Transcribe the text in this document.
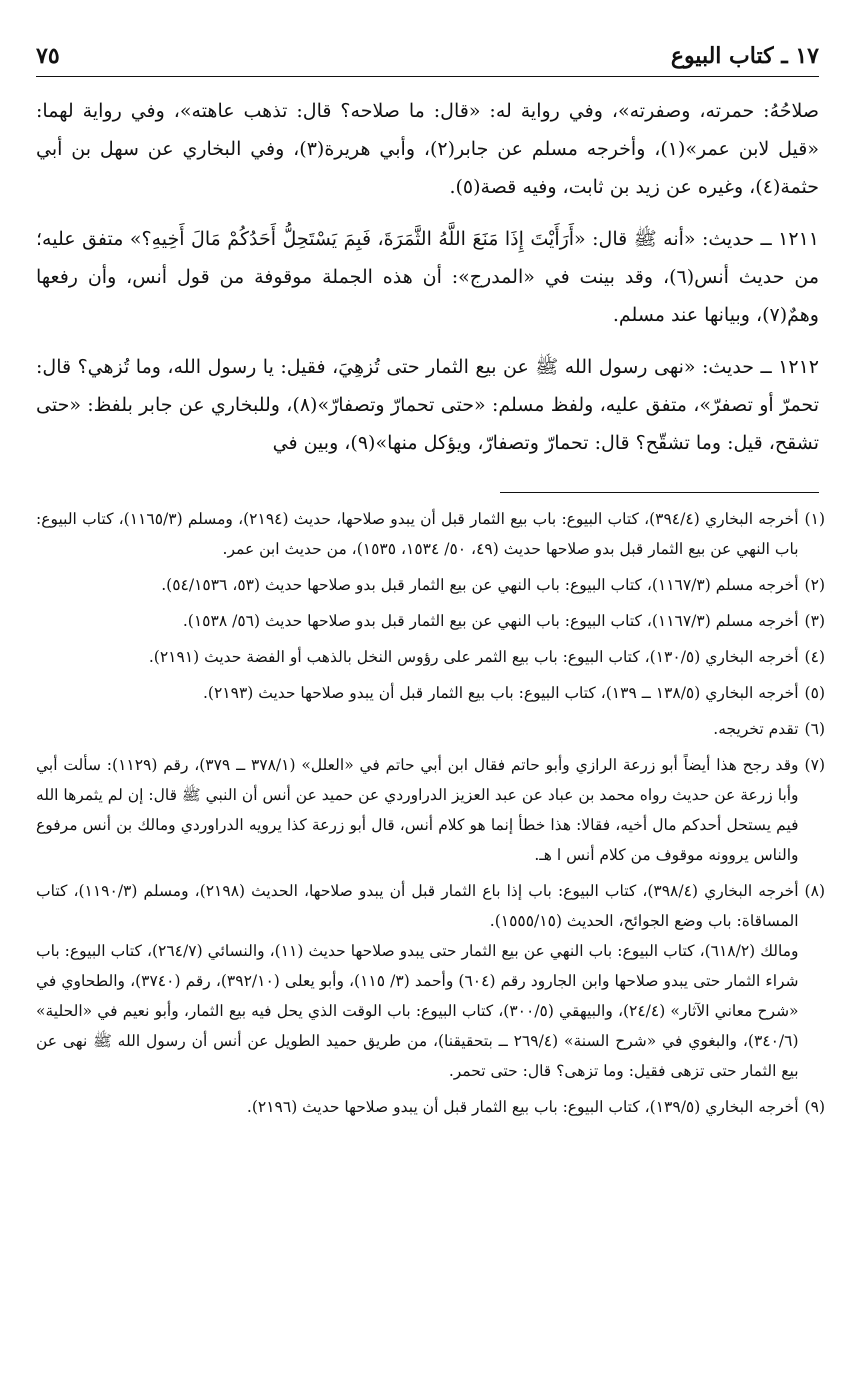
١٧ ـ كتاب البيوع
٧٥

صلاحُهُ: حمرته، وصفرته»، وفي رواية له: «قال: ما صلاحه؟ قال: تذهب عاهته»، وفي رواية لهما: «قيل لابن عمر»(١)، وأخرجه مسلم عن جابر(٢)، وأبي هريرة(٣)، وفي البخاري عن سهل بن أبي حثمة(٤)، وغيره عن زيد بن ثابت، وفيه قصة(٥).

١٢١١ ــ حديث: «أنه ﷺ قال: «أَرَأَيْتَ إِذَا مَنَعَ اللَّهُ الثَّمَرَةَ، فَبِمَ يَسْتَحِلُّ أَحَدُكُمْ مَالَ أَخِيهِ؟» متفق عليه؛ من حديث أنس(٦)، وقد بينت في «المدرج»: أن هذه الجملة موقوفة من قول أنس، وأن رفعها وهمٌ(٧)، وبيانها عند مسلم.

١٢١٢ ــ حديث: «نهى رسول الله ﷺ عن بيع الثمار حتى تُزهِيَ، فقيل: يا رسول الله، وما تُزهي؟ قال: تحمرّ أو تصفرّ»، متفق عليه، ولفظ مسلم: «حتى تحمارّ وتصفارّ»(٨)، وللبخاري عن جابر بلفظ: «حتى تشقح، قيل: وما تشقّح؟ قال: تحمارّ وتصفارّ، ويؤكل منها»(٩)، وبين في

(١)

أخرجه البخاري (٣٩٤/٤)، كتاب البيوع: باب بيع الثمار قبل أن يبدو صلاحها، حديث (٢١٩٤)، ومسلم (١١٦٥/٣)، كتاب البيوع: باب النهي عن بيع الثمار قبل بدو صلاحها حديث (٤٩، ٥٠/ ١٥٣٤، ١٥٣٥)، من حديث ابن عمر.

(٢)

أخرجه مسلم (١١٦٧/٣)، كتاب البيوع: باب النهي عن بيع الثمار قبل بدو صلاحها حديث (٥٣، ٥٤/١٥٣٦).

(٣)

أخرجه مسلم (١١٦٧/٣)، كتاب البيوع: باب النهي عن بيع الثمار قبل بدو صلاحها حديث (٥٦/ ١٥٣٨).

(٤)

أخرجه البخاري (١٣٠/٥)، كتاب البيوع: باب بيع الثمر على رؤوس النخل بالذهب أو الفضة حديث (٢١٩١).

(٥)

أخرجه البخاري (١٣٨/٥ ــ ١٣٩)، كتاب البيوع: باب بيع الثمار قبل أن يبدو صلاحها حديث (٢١٩٣).

(٦)

تقدم تخريجه.

(٧)

وقد رجح هذا أيضاً أبو زرعة الرازي وأبو حاتم فقال ابن أبي حاتم في «العلل» (٣٧٨/١ ــ ٣٧٩)، رقم (١١٢٩): سألت أبي وأبا زرعة عن حديث رواه محمد بن عباد عن عبد العزيز الدراوردي عن حميد عن أنس أن النبي ﷺ قال: إن لم يثمرها الله فيم يستحل أحدكم مال أخيه، فقالا: هذا خطأ إنما هو كلام أنس، قال أبو زرعة كذا يرويه الدراوردي ومالك بن أنس مرفوع والناس يروونه موقوف من كلام أنس ا هـ.

(٨)

أخرجه البخاري (٣٩٨/٤)، كتاب البيوع: باب إذا باع الثمار قبل أن يبدو صلاحها، الحديث (٢١٩٨)، ومسلم (١١٩٠/٣)، كتاب المساقاة: باب وضع الجوائح، الحديث (١٥٥٥/١٥).

ومالك (٦١٨/٢)، كتاب البيوع: باب النهي عن بيع الثمار حتى يبدو صلاحها حديث (١١)، والنسائي (٢٦٤/٧)، كتاب البيوع: باب شراء الثمار حتى يبدو صلاحها وابن الجارود رقم (٦٠٤) وأحمد (٣/ ١١٥)، وأبو يعلى (٣٩٢/١٠)، رقم (٣٧٤٠)، والطحاوي في «شرح معاني الآثار» (٢٤/٤)، والبيهقي (٣٠٠/٥)، كتاب البيوع: باب الوقت الذي يحل فيه بيع الثمار، وأبو نعيم في «الحلية» (٣٤٠/٦)، والبغوي في «شرح السنة» (٢٦٩/٤ ــ بتحقيقنا)، من طريق حميد الطويل عن أنس أن رسول الله ﷺ نهى عن بيع الثمار حتى تزهى فقيل: وما تزهى؟ قال: حتى تحمر.

(٩)

أخرجه البخاري (١٣٩/٥)، كتاب البيوع: باب بيع الثمار قبل أن يبدو صلاحها حديث (٢١٩٦).
